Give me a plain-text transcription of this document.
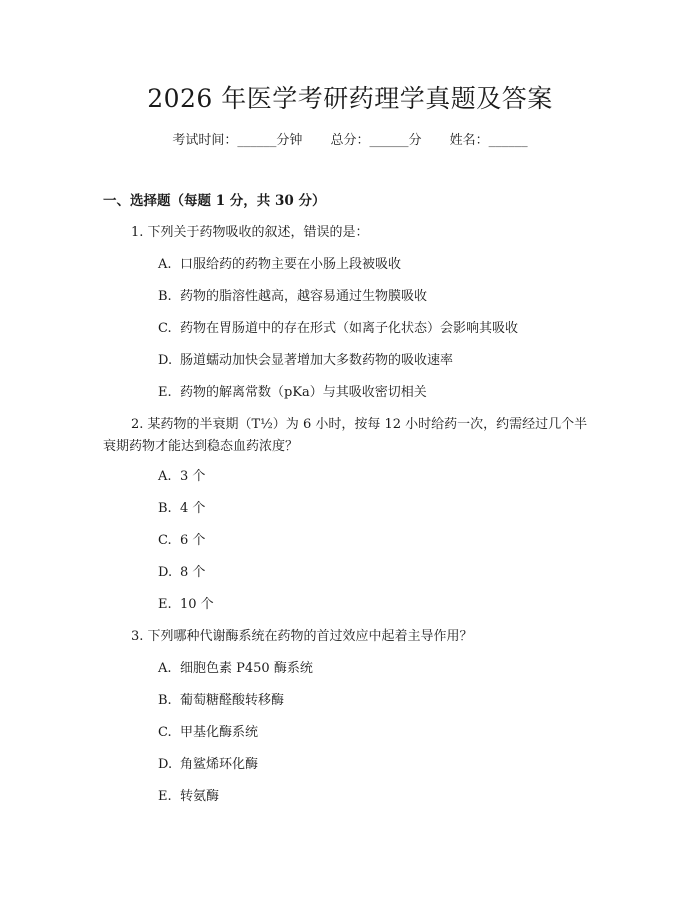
2026 年医学考研药理学真题及答案
考试时间：______分钟 总分：______分 姓名：______
一、选择题（每题 1 分，共 30 分）
1. 下列关于药物吸收的叙述，错误的是：
A. 口服给药的药物主要在小肠上段被吸收
B. 药物的脂溶性越高，越容易通过生物膜吸收
C. 药物在胃肠道中的存在形式（如离子化状态）会影响其吸收
D. 肠道蠕动加快会显著增加大多数药物的吸收速率
E. 药物的解离常数（pKa）与其吸收密切相关
2. 某药物的半衰期（T½）为 6 小时，按每 12 小时给药一次，约需经过几个半
衰期药物才能达到稳态血药浓度？
A. 3 个
B. 4 个
C. 6 个
D. 8 个
E. 10 个
3. 下列哪种代谢酶系统在药物的首过效应中起着主导作用？
A. 细胞色素 P450 酶系统
B. 葡萄糖醛酸转移酶
C. 甲基化酶系统
D. 角鲨烯环化酶
E. 转氨酶
